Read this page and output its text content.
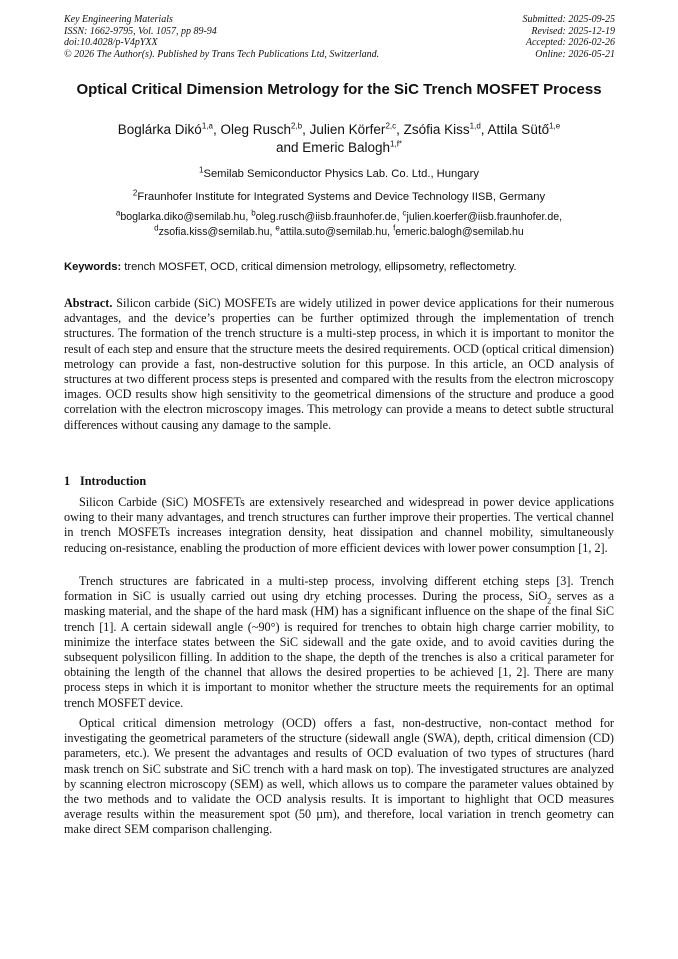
Key Engineering Materials
ISSN: 1662-9795, Vol. 1057, pp 89-94
doi:10.4028/p-V4pYXX
© 2026 The Author(s). Published by Trans Tech Publications Ltd, Switzerland.
Submitted: 2025-09-25
Revised: 2025-12-19
Accepted: 2026-02-26
Online: 2026-05-21
Optical Critical Dimension Metrology for the SiC Trench MOSFET Process
Boglárka Dikó$^{1,a}$, Oleg Rusch$^{2,b}$, Julien Körfer$^{2,c}$, Zsófia Kiss$^{1,d}$, Attila Sütő$^{1,e}$
and Emeric Balogh$^{1,f*}$
$^1$Semilab Semiconductor Physics Lab. Co. Ltd., Hungary
$^2$Fraunhofer Institute for Integrated Systems and Device Technology IISB, Germany
$^a$boglarka.diko@semilab.hu, $^b$oleg.rusch@iisb.fraunhofer.de, $^c$julien.koerfer@iisb.fraunhofer.de,
$^d$zsofia.kiss@semilab.hu, $^e$attila.suto@semilab.hu, $^f$emeric.balogh@semilab.hu
Keywords: trench MOSFET, OCD, critical dimension metrology, ellipsometry, reflectometry.
Abstract. Silicon carbide (SiC) MOSFETs are widely utilized in power device applications for their numerous advantages, and the device’s properties can be further optimized through the implementation of trench structures. The formation of the trench structure is a multi-step process, in which it is important to monitor the result of each step and ensure that the structure meets the desired requirements. OCD (optical critical dimension) metrology can provide a fast, non-destructive solution for this purpose. In this article, an OCD analysis of structures at two different process steps is presented and compared with the results from the electron microscopy images. OCD results show high sensitivity to the geometrical dimensions of the structure and produce a good correlation with the electron microscopy images. This metrology can provide a means to detect subtle structural differences without causing any damage to the sample.
1 Introduction
Silicon Carbide (SiC) MOSFETs are extensively researched and widespread in power device applications owing to their many advantages, and trench structures can further improve their properties. The vertical channel in trench MOSFETs increases integration density, heat dissipation and channel mobility, simultaneously reducing on-resistance, enabling the production of more efficient devices with lower power consumption [1, 2].
Trench structures are fabricated in a multi-step process, involving different etching steps [3]. Trench formation in SiC is usually carried out using dry etching processes. During the process, SiO$_2$ serves as a masking material, and the shape of the hard mask (HM) has a significant influence on the shape of the final SiC trench [1]. A certain sidewall angle (~90°) is required for trenches to obtain high charge carrier mobility, to minimize the interface states between the SiC sidewall and the gate oxide, and to avoid cavities during the subsequent polysilicon filling. In addition to the shape, the depth of the trenches is also a critical parameter for obtaining the length of the channel that allows the desired properties to be achieved [1, 2]. There are many process steps in which it is important to monitor whether the structure meets the requirements for an optimal trench MOSFET device.
Optical critical dimension metrology (OCD) offers a fast, non-destructive, non-contact method for investigating the geometrical parameters of the structure (sidewall angle (SWA), depth, critical dimension (CD) parameters, etc.). We present the advantages and results of OCD evaluation of two types of structures (hard mask trench on SiC substrate and SiC trench with a hard mask on top). The investigated structures are analyzed by scanning electron microscopy (SEM) as well, which allows us to compare the parameter values obtained by the two methods and to validate the OCD analysis results. It is important to highlight that OCD measures average results within the measurement spot (50 µm), and therefore, local variation in trench geometry can make direct SEM comparison challenging.
